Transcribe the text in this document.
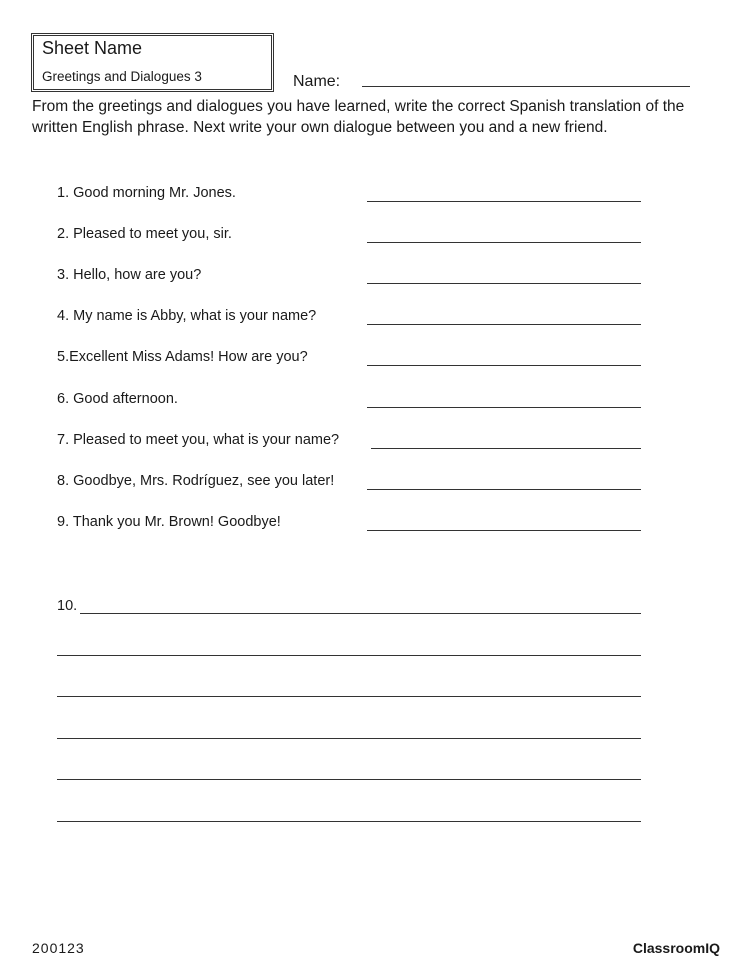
Sheet Name
Greetings and Dialogues 3	Name:
From the greetings and dialogues you have learned, write the correct Spanish translation of the written English phrase. Next write your own dialogue between you and a new friend.
1. Good morning Mr. Jones.
2. Pleased to meet you, sir.
3. Hello, how are you?
4. My name is Abby, what is your name?
5.Excellent Miss Adams! How are you?
6. Good afternoon.
7. Pleased to meet you, what is your name?
8. Goodbye, Mrs. Rodríguez, see you later!
9. Thank you Mr. Brown! Goodbye!
10.
200123	ClassroomIQ
